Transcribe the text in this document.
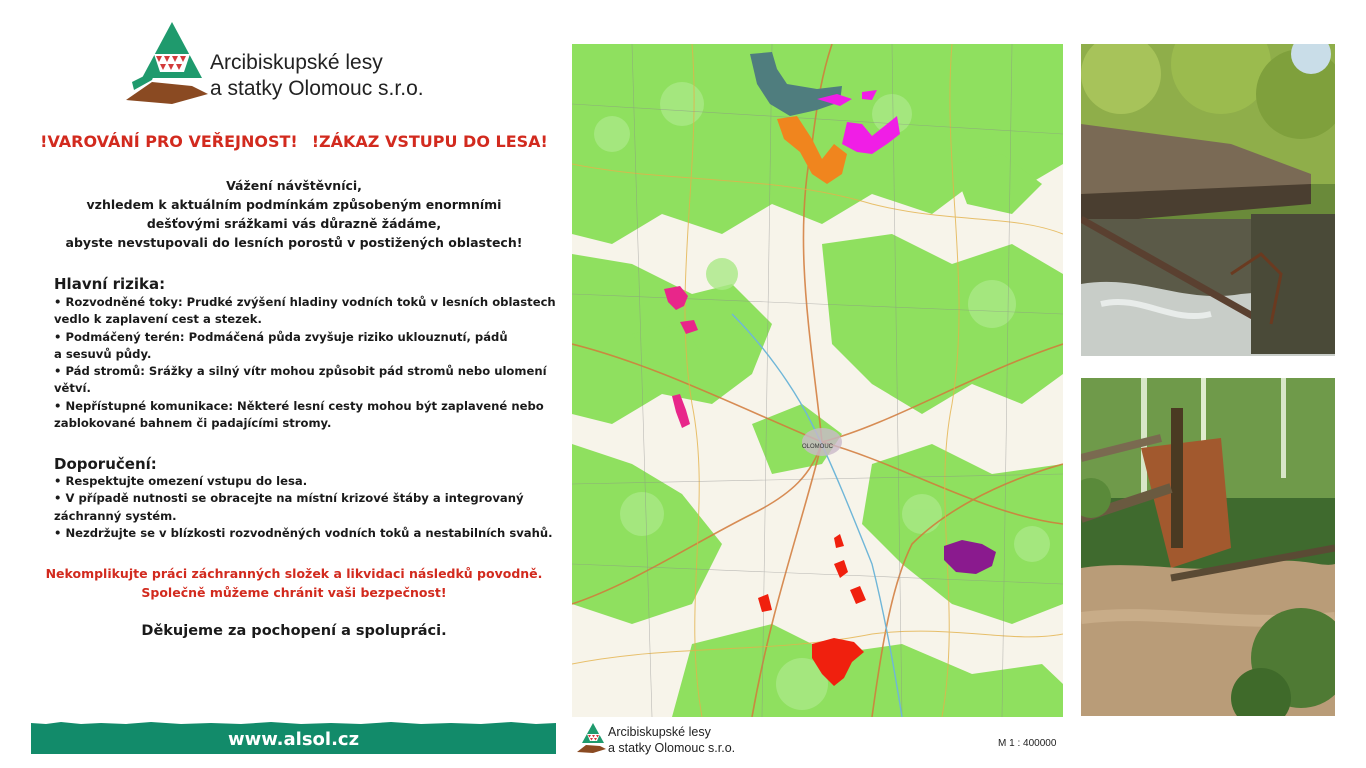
Arcibiskupské lesy
a statky Olomouc s.r.o.
!VAROVÁNÍ PRO VEŘEJNOST! !ZÁKAZ VSTUPU DO LESA!
Vážení návštěvníci,
vzhledem k aktuálním podmínkám způsobeným enormními
dešťovými srážkami vás důrazně žádáme,
abyste nevstupovali do lesních porostů v postižených oblastech!
Hlavní rizika:
• Rozvodněné toky: Prudké zvýšení hladiny vodních toků v lesních oblastech
vedlo k zaplavení cest a stezek.
• Podmáčený terén: Podmáčená půda zvyšuje riziko uklouznutí, pádů
a sesuvů půdy.
• Pád stromů: Srážky a silný vítr mohou způsobit pád stromů nebo ulomení
větví.
• Nepřístupné komunikace: Některé lesní cesty mohou být zaplavené nebo
zablokované bahnem či padajícími stromy.
Doporučení:
• Respektujte omezení vstupu do lesa.
• V případě nutnosti se obracejte na místní krizové štáby a integrovaný
záchranný systém.
• Nezdržujte se v blízkosti rozvodněných vodních toků a nestabilních svahů.
Nekomplikujte práci záchranných složek a likvidaci následků povodně.
Společně můžeme chránit vaši bezpečnost!
Děkujeme za pochopení a spolupráci.
www.alsol.cz
OLOMOUC
Arcibiskupské lesy
a statky Olomouc s.r.o.	M 1 : 400000
